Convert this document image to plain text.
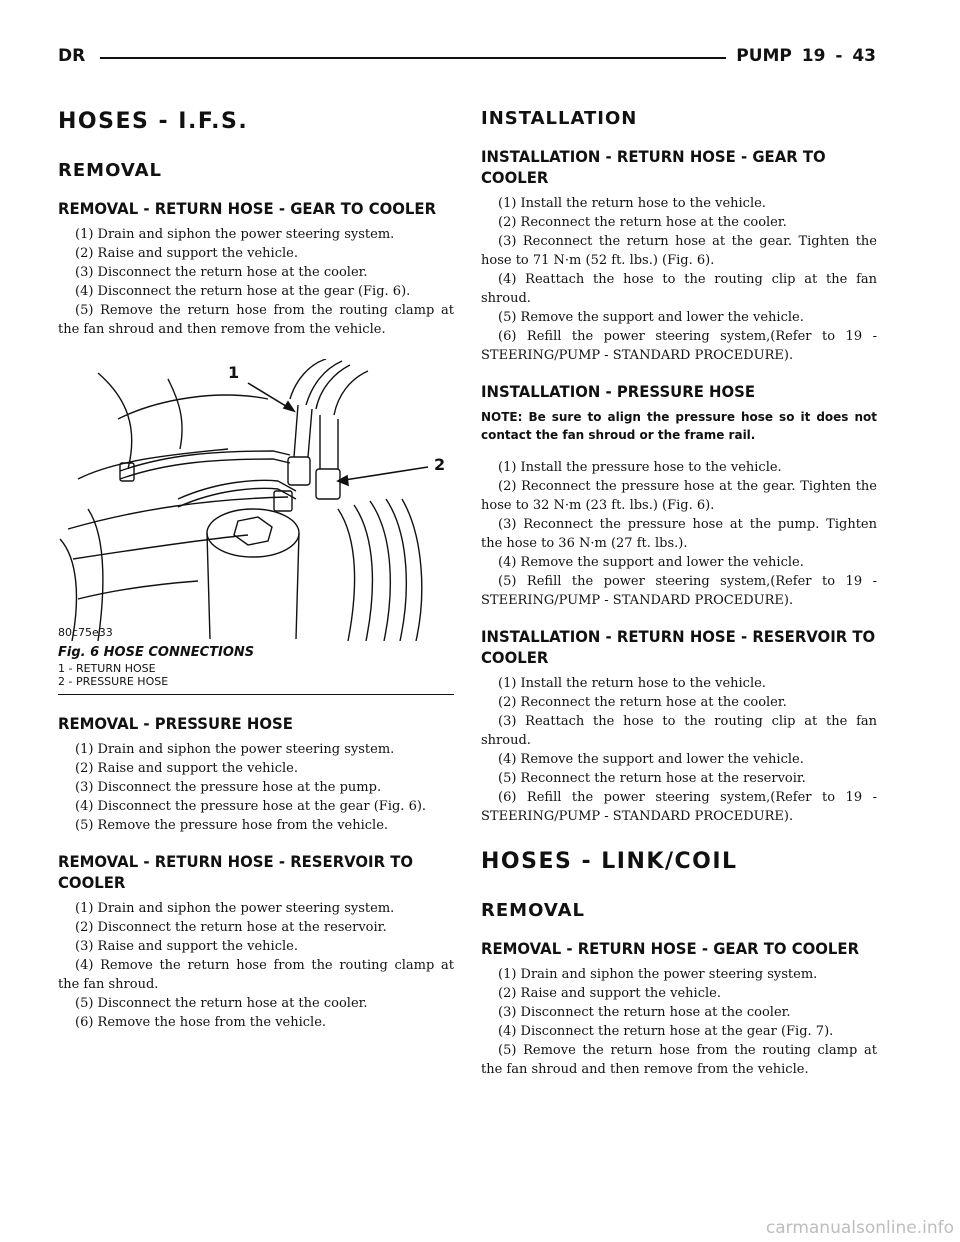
DR	PUMP 19 - 43
HOSES - I.F.S.
REMOVAL
REMOVAL - RETURN HOSE - GEAR TO COOLER

(1) Drain and siphon the power steering system.

(2) Raise and support the vehicle.

(3) Disconnect the return hose at the cooler.

(4) Disconnect the return hose at the gear (Fig. 6).

(5) Remove the return hose from the routing clamp at the fan shroud and then remove from the vehicle.

1
2
80c75e33
Fig. 6 HOSE CONNECTIONS
1 - RETURN HOSE
2 - PRESSURE HOSE
REMOVAL - PRESSURE HOSE

(1) Drain and siphon the power steering system.

(2) Raise and support the vehicle.

(3) Disconnect the pressure hose at the pump.

(4) Disconnect the pressure hose at the gear (Fig. 6).

(5) Remove the pressure hose from the vehicle.

REMOVAL - RETURN HOSE - RESERVOIR TO COOLER

(1) Drain and siphon the power steering system.

(2) Disconnect the return hose at the reservoir.

(3) Raise and support the vehicle.

(4) Remove the return hose from the routing clamp at the fan shroud.

(5) Disconnect the return hose at the cooler.

(6) Remove the hose from the vehicle.

INSTALLATION
INSTALLATION - RETURN HOSE - GEAR TO COOLER

(1) Install the return hose to the vehicle.

(2) Reconnect the return hose at the cooler.

(3) Reconnect the return hose at the gear. Tighten the hose to 71 N·m (52 ft. lbs.) (Fig. 6).

(4) Reattach the hose to the routing clip at the fan shroud.

(5) Remove the support and lower the vehicle.

(6) Refill the power steering system,(Refer to 19 - STEERING/PUMP - STANDARD PROCEDURE).

INSTALLATION - PRESSURE HOSE
NOTE: Be sure to align the pressure hose so it does not contact the fan shroud or the frame rail.

(1) Install the pressure hose to the vehicle.

(2) Reconnect the pressure hose at the gear. Tighten the hose to 32 N·m (23 ft. lbs.) (Fig. 6).

(3) Reconnect the pressure hose at the pump. Tighten the hose to 36 N·m (27 ft. lbs.).

(4) Remove the support and lower the vehicle.

(5) Refill the power steering system,(Refer to 19 - STEERING/PUMP - STANDARD PROCEDURE).

INSTALLATION - RETURN HOSE - RESERVOIR TO COOLER

(1) Install the return hose to the vehicle.

(2) Reconnect the return hose at the cooler.

(3) Reattach the hose to the routing clip at the fan shroud.

(4) Remove the support and lower the vehicle.

(5) Reconnect the return hose at the reservoir.

(6) Refill the power steering system,(Refer to 19 - STEERING/PUMP - STANDARD PROCEDURE).

HOSES - LINK/COIL
REMOVAL
REMOVAL - RETURN HOSE - GEAR TO COOLER

(1) Drain and siphon the power steering system.

(2) Raise and support the vehicle.

(3) Disconnect the return hose at the cooler.

(4) Disconnect the return hose at the gear (Fig. 7).

(5) Remove the return hose from the routing clamp at the fan shroud and then remove from the vehicle.

carmanualsonline.info
